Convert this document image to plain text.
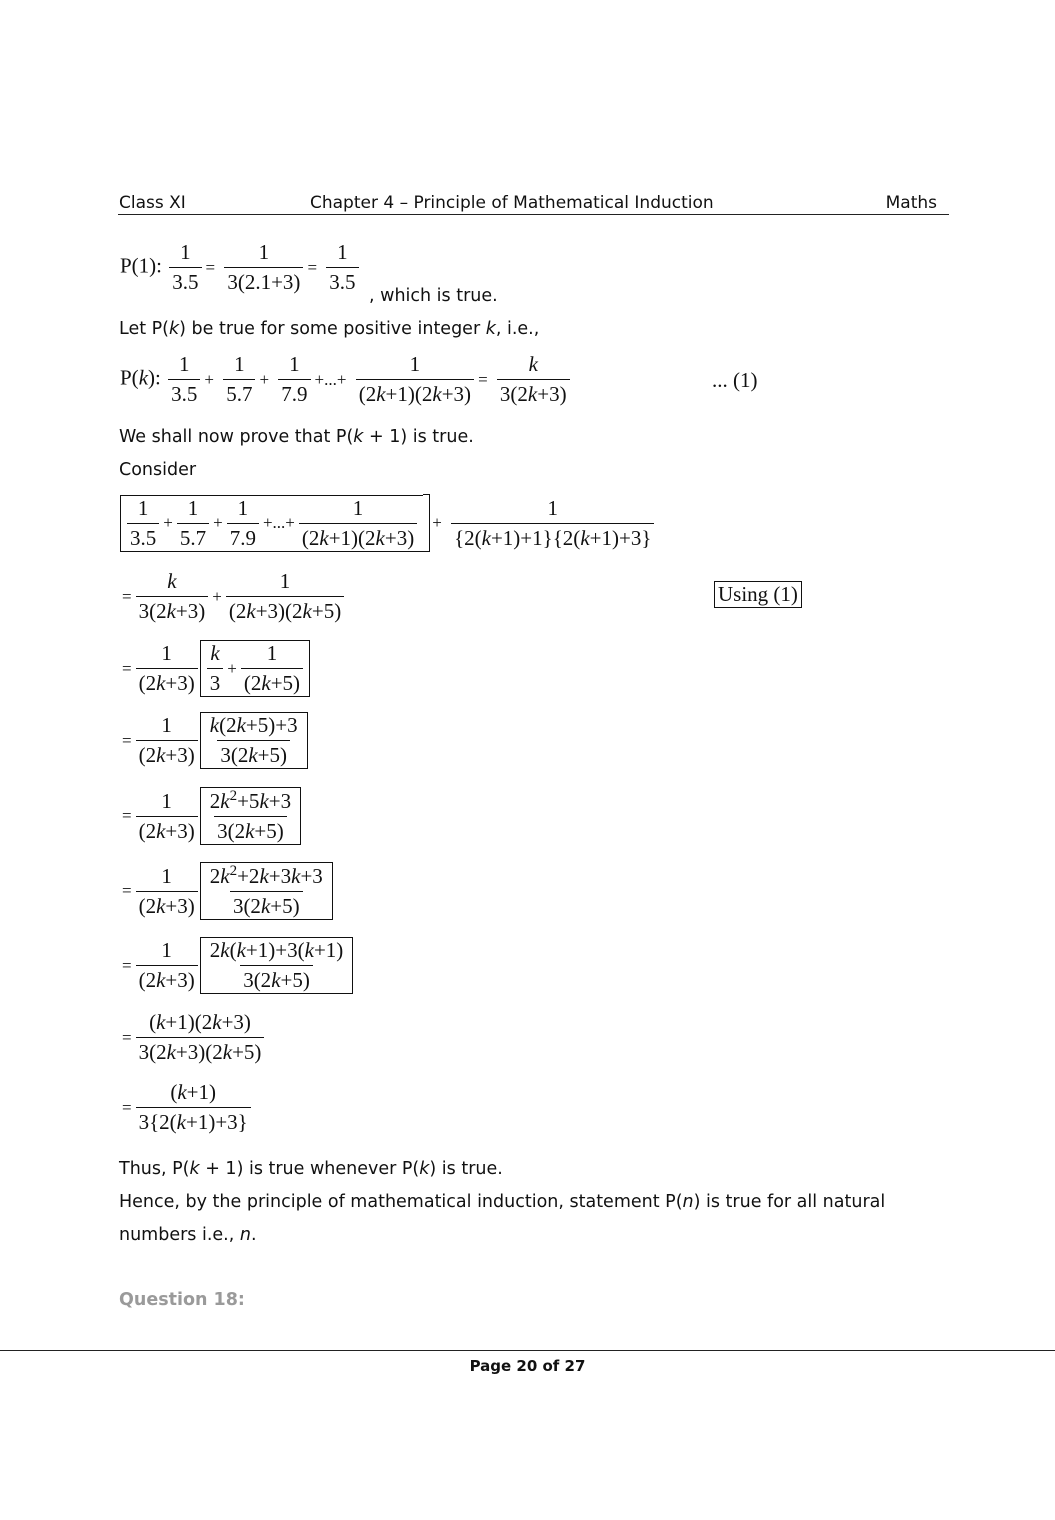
Class XI	Chapter 4 – Principle of Mathematical Induction	Maths
P(1): $\frac{1}{3.5} = \frac{1}{3(2.1+3)} = \frac{1}{3.5}$
, which is true.
Let P(k) be true for some positive integer k, i.e.,
P(k): $\frac{1}{3.5} + \frac{1}{5.7} + \frac{1}{7.9}$ +...+ $\frac{1}{(2k+1)(2k+3)} = \frac{k}{3(2k+3)}$	... (1)
We shall now prove that P(k + 1) is true.
Consider
$\frac{1}{3.5} + \frac{1}{5.7} + \frac{1}{7.9}$ +...+ $\frac{1}{(2k+1)(2k+3)} + \frac{1}{\{2(k+1)+1\}\{2(k+1)+3\}}$
= $\frac{k}{3(2k+3)} + \frac{1}{(2k+3)(2k+5)}$	Using (1)
= $\frac{1}{(2k+3)} \frac{k}{3} + \frac{1}{(2k+5)}$
= $\frac{1}{(2k+3)} \frac{k(2k+5)+3}{3(2k+5)}$
= $\frac{1}{(2k+3)} \frac{2k^2+5k+3}{3(2k+5)}$
= $\frac{1}{(2k+3)} \frac{2k^2+2k+3k+3}{3(2k+5)}$
= $\frac{1}{(2k+3)} \frac{2k(k+1)+3(k+1)}{3(2k+5)}$
= $\frac{(k+1)(2k+3)}{3(2k+3)(2k+5)}$
= $\frac{(k+1)}{3\{2(k+1)+3\}}$
Thus, P(k + 1) is true whenever P(k) is true.
Hence, by the principle of mathematical induction, statement P(n) is true for all natural
numbers i.e., n.
Question 18:
Page 20 of 27
